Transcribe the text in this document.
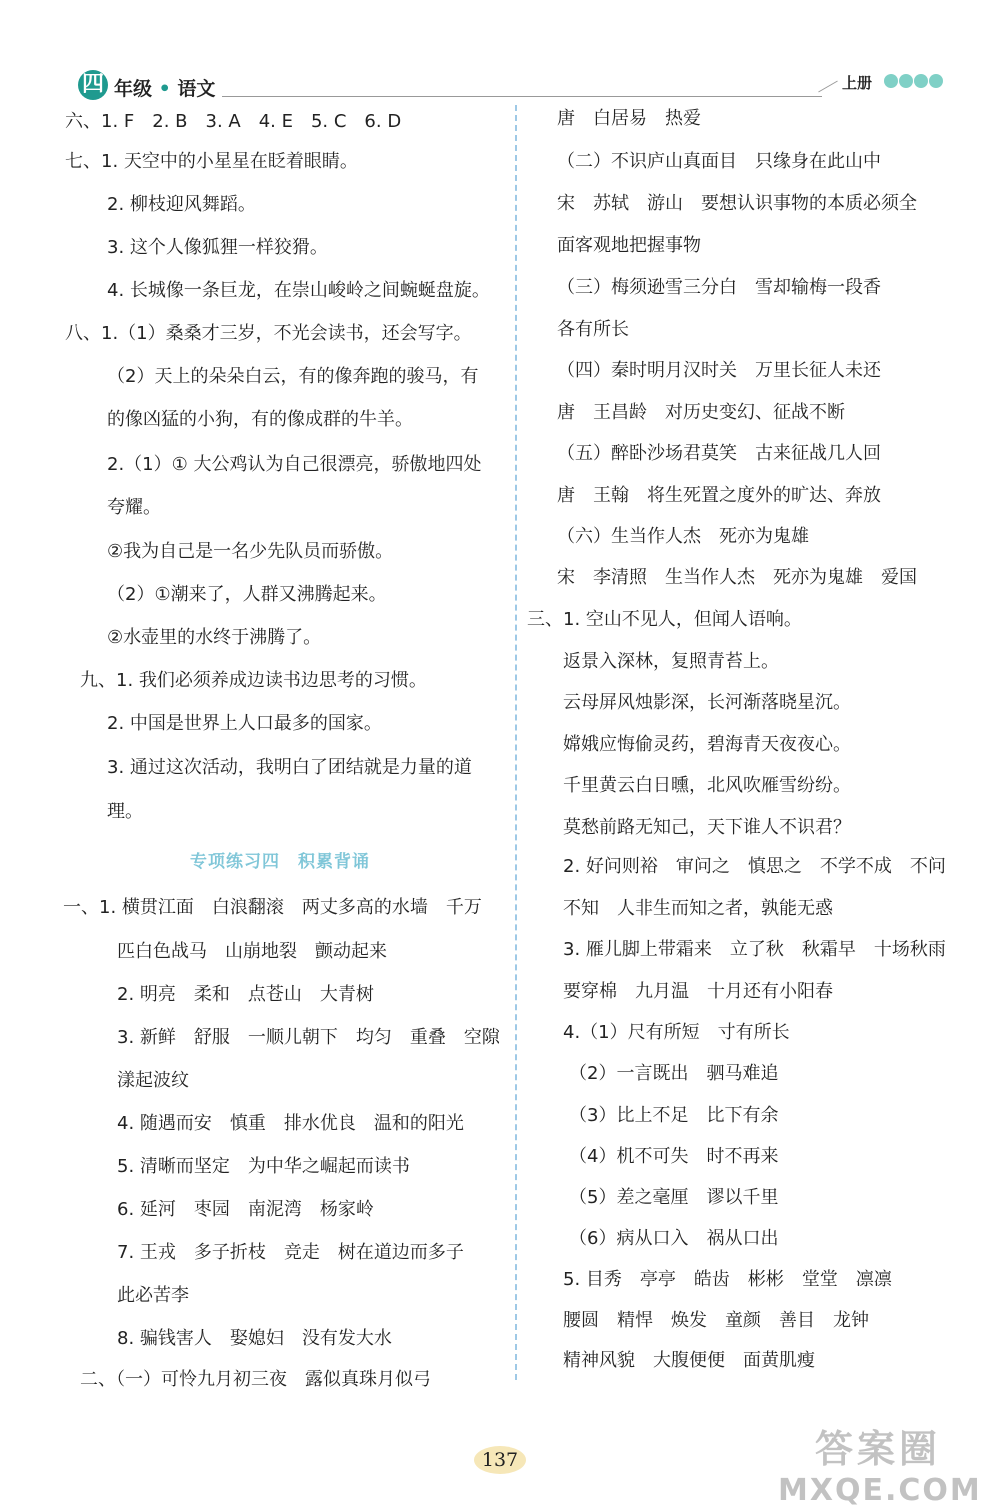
四 年级 • 语文	上册
六、1. F　2. B　3. A　4. E　5. C　6. D
七、1. 天空中的小星星在眨着眼睛。
2. 柳枝迎风舞蹈。
3. 这个人像狐狸一样狡猾。
4. 长城像一条巨龙，在崇山峻岭之间蜿蜒盘旋。
八、1.（1）桑桑才三岁，不光会读书，还会写字。
（2）天上的朵朵白云，有的像奔跑的骏马，有
的像凶猛的小狗，有的像成群的牛羊。
2.（1）① 大公鸡认为自己很漂亮，骄傲地四处
夸耀。
②我为自己是一名少先队员而骄傲。
（2）①潮来了，人群又沸腾起来。
②水壶里的水终于沸腾了。
九、1. 我们必须养成边读书边思考的习惯。
2. 中国是世界上人口最多的国家。
3. 通过这次活动，我明白了团结就是力量的道
理。
专项练习四　积累背诵
一、1. 横贯江面　白浪翻滚　两丈多高的水墙　千万
匹白色战马　山崩地裂　颤动起来
2. 明亮　柔和　点苍山　大青树
3. 新鲜　舒服　一顺儿朝下　均匀　重叠　空隙
漾起波纹
4. 随遇而安　慎重　排水优良　温和的阳光
5. 清晰而坚定　为中华之崛起而读书
6. 延河　枣园　南泥湾　杨家岭
7. 王戎　多子折枝　竞走　树在道边而多子
此必苦李
8. 骗钱害人　娶媳妇　没有发大水
二、（一）可怜九月初三夜　露似真珠月似弓
唐　白居易　热爱
（二）不识庐山真面目　只缘身在此山中
宋　苏轼　游山　要想认识事物的本质必须全
面客观地把握事物
（三）梅须逊雪三分白　雪却输梅一段香
各有所长
（四）秦时明月汉时关　万里长征人未还
唐　王昌龄　对历史变幻、征战不断
（五）醉卧沙场君莫笑　古来征战几人回
唐　王翰　将生死置之度外的旷达、奔放
（六）生当作人杰　死亦为鬼雄
宋　李清照　生当作人杰　死亦为鬼雄　爱国
三、1. 空山不见人，但闻人语响。
返景入深林，复照青苔上。
云母屏风烛影深，长河渐落晓星沉。
嫦娥应悔偷灵药，碧海青天夜夜心。
千里黄云白日曛，北风吹雁雪纷纷。
莫愁前路无知己，天下谁人不识君？
2. 好问则裕　审问之　慎思之　不学不成　不问
不知　人非生而知之者，孰能无惑
3. 雁儿脚上带霜来　立了秋　秋霜早　十场秋雨
要穿棉　九月温　十月还有小阳春
4.（1）尺有所短　寸有所长
（2）一言既出　驷马难追
（3）比上不足　比下有余
（4）机不可失　时不再来
（5）差之毫厘　谬以千里
（6）病从口入　祸从口出
5. 目秀　亭亭　皓齿　彬彬　堂堂　凛凛
腰圆　精悍　焕发　童颜　善目　龙钟
精神风貌　大腹便便　面黄肌瘦
137	答案圈
MXQE.COM
